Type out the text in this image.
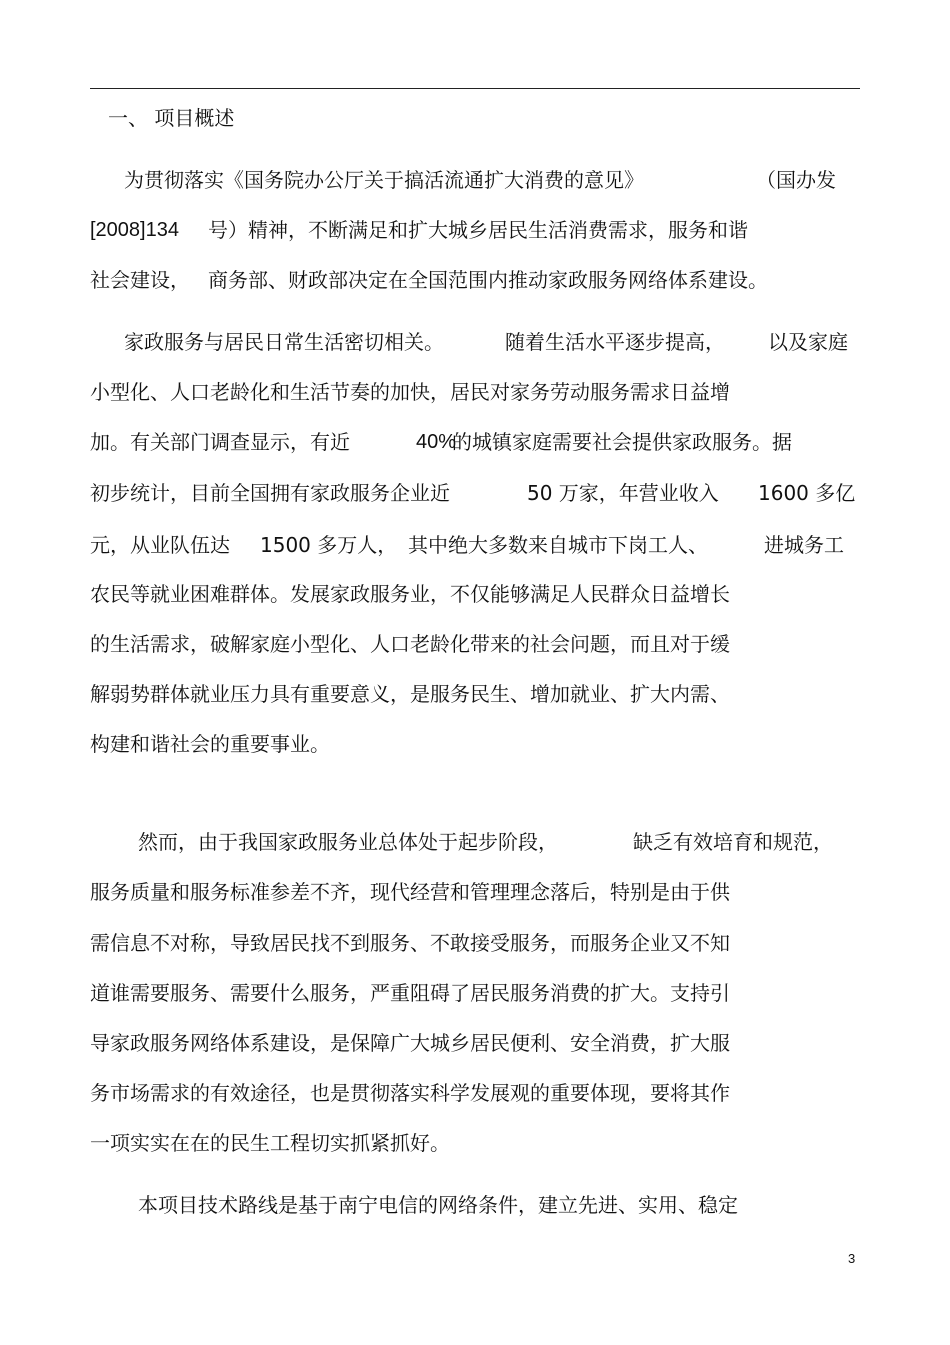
一、 项目概述

为贯彻落实《国务院办公厅关于搞活流通扩大消费的意见》	（国办发

[2008]134 号）精神，不断满足和扩大城乡居民生活消费需求，服务和谐

社会建设， 商务部、财政部决定在全国范围内推动家政服务网络体系建设。

家政服务与居民日常生活密切相关。	随着生活水平逐步提高， 以及家庭

小型化、人口老龄化和生活节奏的加快，居民对家务劳动服务需求日益增

加。有关部门调查显示，有近	40%

的城镇家庭需要社会提供家政服务。据

初步统计，目前全国拥有家政服务企业近	50 万家，年营业收入 1600 多亿

元，从业队伍达 1500 多万人， 其中绝大多数来自城市下岗工人、	进城务工

农民等就业困难群体。发展家政服务业，不仅能够满足人民群众日益增长

的生活需求，破解家庭小型化、人口老龄化带来的社会问题，而且对于缓

解弱势群体就业压力具有重要意义，是服务民生、增加就业、扩大内需、

构建和谐社会的重要事业。

然而，由于我国家政服务业总体处于起步阶段，	缺乏有效培育和规范，

服务质量和服务标准参差不齐，现代经营和管理理念落后，特别是由于供

需信息不对称，导致居民找不到服务、不敢接受服务，而服务企业又不知

道谁需要服务、需要什么服务，严重阻碍了居民服务消费的扩大。支持引

导家政服务网络体系建设，是保障广大城乡居民便利、安全消费，扩大服

务市场需求的有效途径，也是贯彻落实科学发展观的重要体现，要将其作

一项实实在在的民生工程切实抓紧抓好。

本项目技术路线是基于南宁电信的网络条件，建立先进、实用、稳定

3
